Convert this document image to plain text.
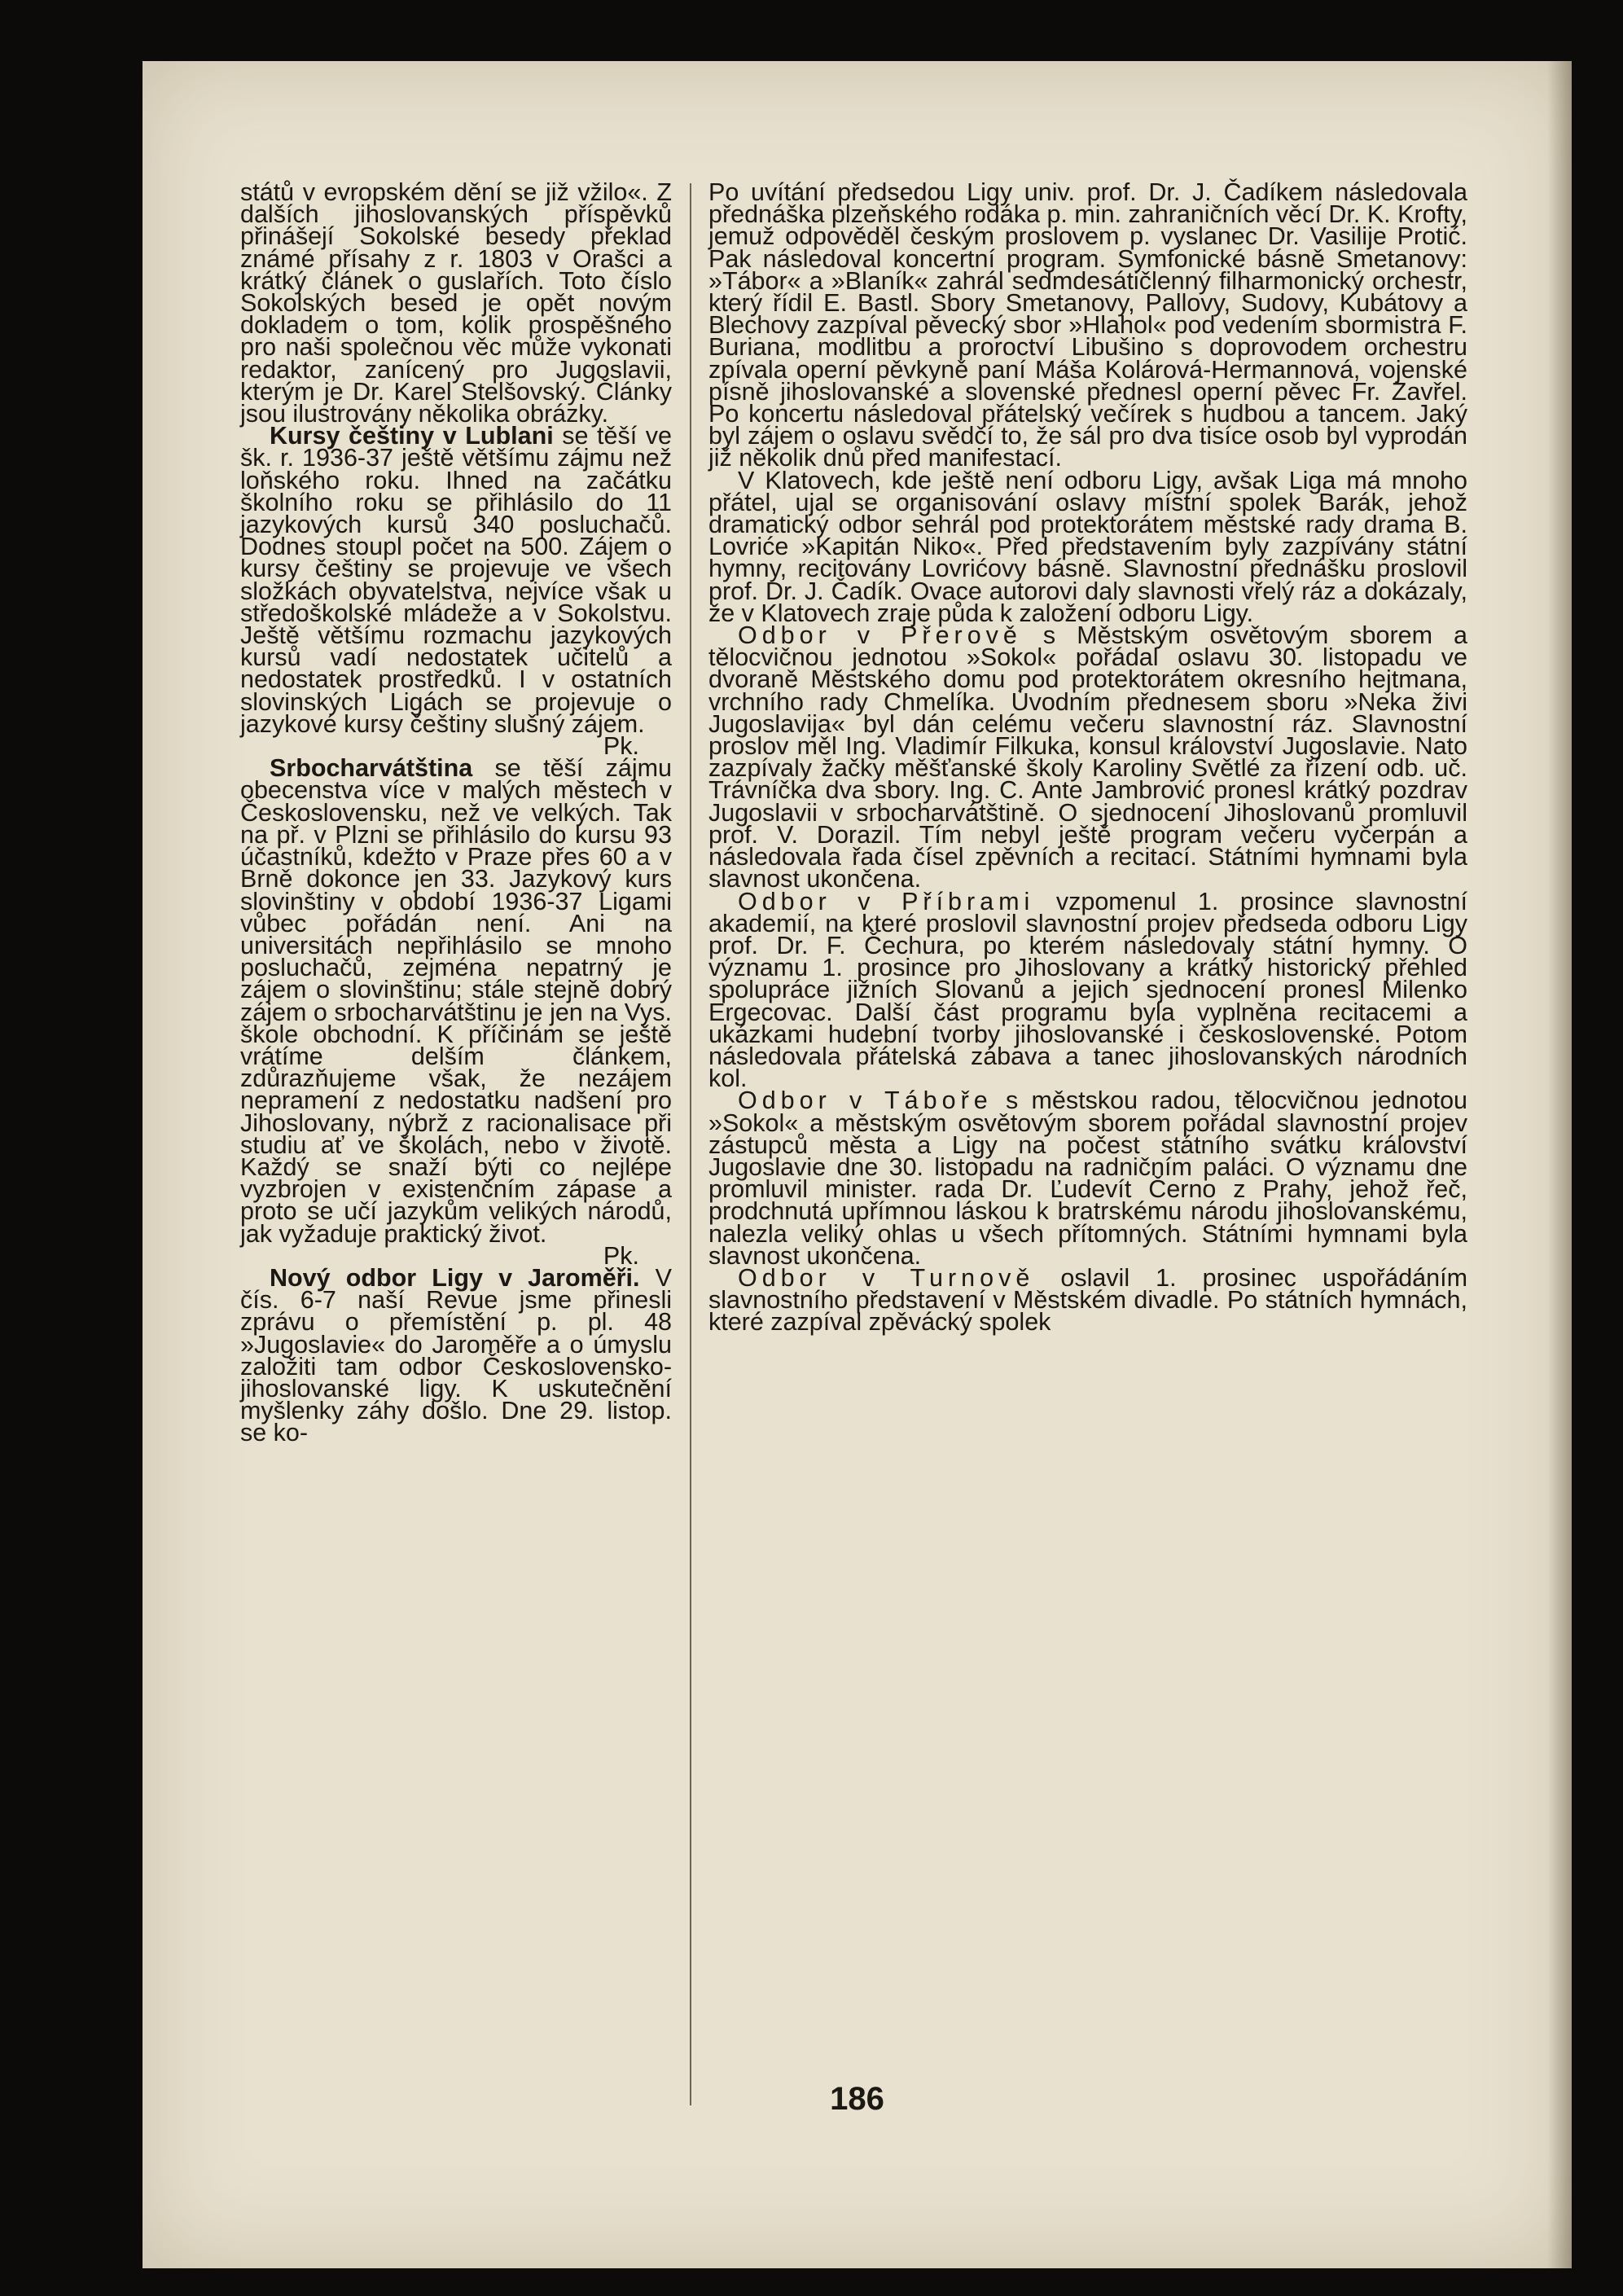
států v evropském dění se již vžilo«. Z dalších jihoslovanských příspěvků přinášejí Sokolské besedy překlad známé přísahy z r. 1803 v Orašci a krátký článek o guslařích. Toto číslo Sokolských besed je opět novým dokladem o tom, kolik prospěšného pro naši společnou věc může vykonati redaktor, zanícený pro Jugoslavii, kterým je Dr. Karel Stelšovský. Články jsou ilustrovány několika obrázky.

Kursy češtiny v Lublani se těší ve šk. r. 1936-37 ještě většímu zájmu než loňského roku. Ihned na začátku školního roku se přihlásilo do 11 jazykových kursů 340 posluchačů. Dodnes stoupl počet na 500. Zájem o kursy češtiny se projevuje ve všech složkách obyvatelstva, nejvíce však u středoškolské mládeže a v Sokolstvu. Ještě většímu rozmachu jazykových kursů vadí nedostatek učitelů a nedostatek prostředků. I v ostatních slovinských Ligách se projevuje o jazykové kursy češtiny slušný zájem.

Pk.

Srbocharvátština se těší zájmu obecenstva více v malých městech v Československu, než ve velkých. Tak na př. v Plzni se přihlásilo do kursu 93 účastníků, kdežto v Praze přes 60 a v Brně dokonce jen 33. Jazykový kurs slovinštiny v období 1936-37 Ligami vůbec pořádán není. Ani na universitách nepřihlásilo se mnoho posluchačů, zejména nepatrný je zájem o slovinštinu; stále stejně dobrý zájem o srbocharvátštinu je jen na Vys. škole obchodní. K příčinám se ještě vrátíme delším článkem, zdůrazňujeme však, že nezájem nepramení z nedostatku nadšení pro Jihoslovany, nýbrž z racionalisace při studiu ať ve školách, nebo v životě. Každý se snaží býti co nejlépe vyzbrojen v existenčním zápase a proto se učí jazykům velikých národů, jak vyžaduje praktický život.

Pk.

Nový odbor Ligy v Jaroměři. V čís. 6-7 naší Revue jsme přinesli zprávu o přemístění p. pl. 48 »Jugoslavie« do Jaroměře a o úmyslu založiti tam odbor Československo-jihoslovanské ligy. K uskutečnění myšlenky záhy došlo. Dne 29. listop. se ko-

Po uvítání předsedou Ligy univ. prof. Dr. J. Čadíkem následovala přednáška plzeňského rodáka p. min. zahraničních věcí Dr. K. Krofty, jemuž odpověděl českým proslovem p. vyslanec Dr. Vasilije Protić. Pak následoval koncertní program. Symfonické básně Smetanovy: »Tábor« a »Blaník« zahrál sedmdesátičlenný filharmonický orchestr, který řídil E. Bastl. Sbory Smetanovy, Pallovy, Sudovy, Kubátovy a Blechovy zazpíval pěvecký sbor »Hlahol« pod vedením sbormistra F. Buriana, modlitbu a proroctví Libušino s doprovodem orchestru zpívala operní pěvkyně paní Máša Kolárová-Hermannová, vojenské písně jihoslovanské a slovenské přednesl operní pěvec Fr. Zavřel. Po koncertu následoval přátelský večírek s hudbou a tancem. Jaký byl zájem o oslavu svědčí to, že sál pro dva tisíce osob byl vyprodán již několik dnů před manifestací.

V Klatovech, kde ještě není odboru Ligy, avšak Liga má mnoho přátel, ujal se organisování oslavy místní spolek Barák, jehož dramatický odbor sehrál pod protektorátem městské rady drama B. Lovriće »Kapitán Niko«. Před představením byly zazpívány státní hymny, recitovány Lovrićovy básně. Slavnostní přednášku proslovil prof. Dr. J. Čadík. Ovace autorovi daly slavnosti vřelý ráz a dokázaly, že v Klatovech zraje půda k založení odboru Ligy.

Odbor v Přerově s Městským osvětovým sborem a tělocvičnou jednotou »Sokol« pořádal oslavu 30. listopadu ve dvoraně Městského domu pod protektorátem okresního hejtmana, vrchního rady Chmelíka. Úvodním přednesem sboru »Neka živi Jugoslavija« byl dán celému večeru slavnostní ráz. Slavnostní proslov měl Ing. Vladimír Filkuka, konsul království Jugoslavie. Nato zazpívaly žačky měšťanské školy Karoliny Světlé za řízení odb. uč. Trávníčka dva sbory. Ing. C. Ante Jambrović pronesl krátký pozdrav Jugoslavii v srbocharvátštině. O sjednocení Jihoslovanů promluvil prof. V. Dorazil. Tím nebyl ještě program večeru vyčerpán a následovala řada čísel zpěvních a recitací. Státními hymnami byla slavnost ukončena.

Odbor v Příbrami vzpomenul 1. prosince slavnostní akademií, na které proslovil slavnostní projev předseda odboru Ligy prof. Dr. F. Čechura, po kterém následovaly státní hymny. O významu 1. prosince pro Jihoslovany a krátký historický přehled spolupráce jižních Slovanů a jejich sjednocení pronesl Milenko Ergecovac. Další část programu byla vyplněna recitacemi a ukázkami hudební tvorby jihoslovanské i československé. Potom následovala přátelská zábava a tanec jihoslovanských národních kol.

Odbor v Táboře s městskou radou, tělocvičnou jednotou »Sokol« a městským osvětovým sborem pořádal slavnostní projev zástupců města a Ligy na počest státního svátku království Jugoslavie dne 30. listopadu na radničním paláci. O významu dne promluvil minister. rada Dr. Ľudevít Černo z Prahy, jehož řeč, prodchnutá upřímnou láskou k bratrskému národu jihoslovanskému, nalezla veliký ohlas u všech přítomných. Státními hymnami byla slavnost ukončena.

Odbor v Turnově oslavil 1. prosinec uspořádáním slavnostního představení v Městském divadle. Po státních hymnách, které zazpíval zpěvácký spolek

186
